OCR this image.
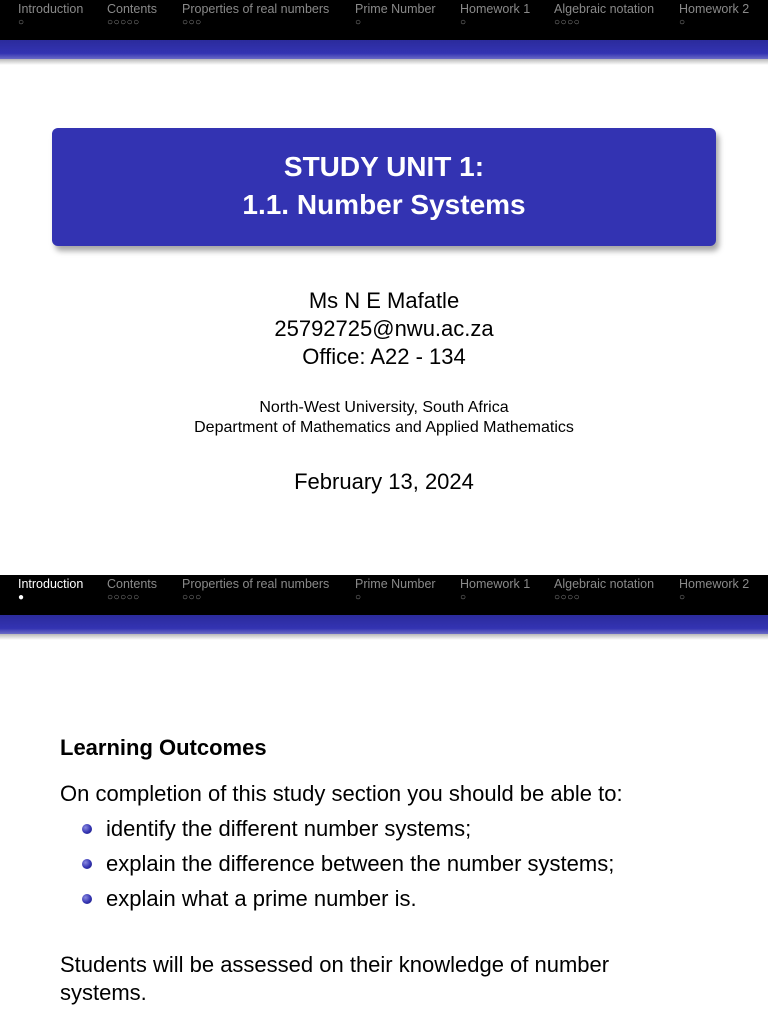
Introduction
○
Contents
○○○○○
Properties of real numbers
○○○
Prime Number
○
Homework 1
○
Algebraic notation
○○○○
Homework 2
○
STUDY UNIT 1:
1.1. Number Systems
Ms N E Mafatle
25792725@nwu.ac.za
Office: A22 - 134
North-West University, South Africa
Department of Mathematics and Applied Mathematics
February 13, 2024
Introduction
●
Contents
○○○○○
Properties of real numbers
○○○
Prime Number
○
Homework 1
○
Algebraic notation
○○○○
Homework 2
○
Learning Outcomes
On completion of this study section you should be able to:
identify the different number systems;
explain the difference between the number systems;
explain what a prime number is.
Students will be assessed on their knowledge of number
systems.
